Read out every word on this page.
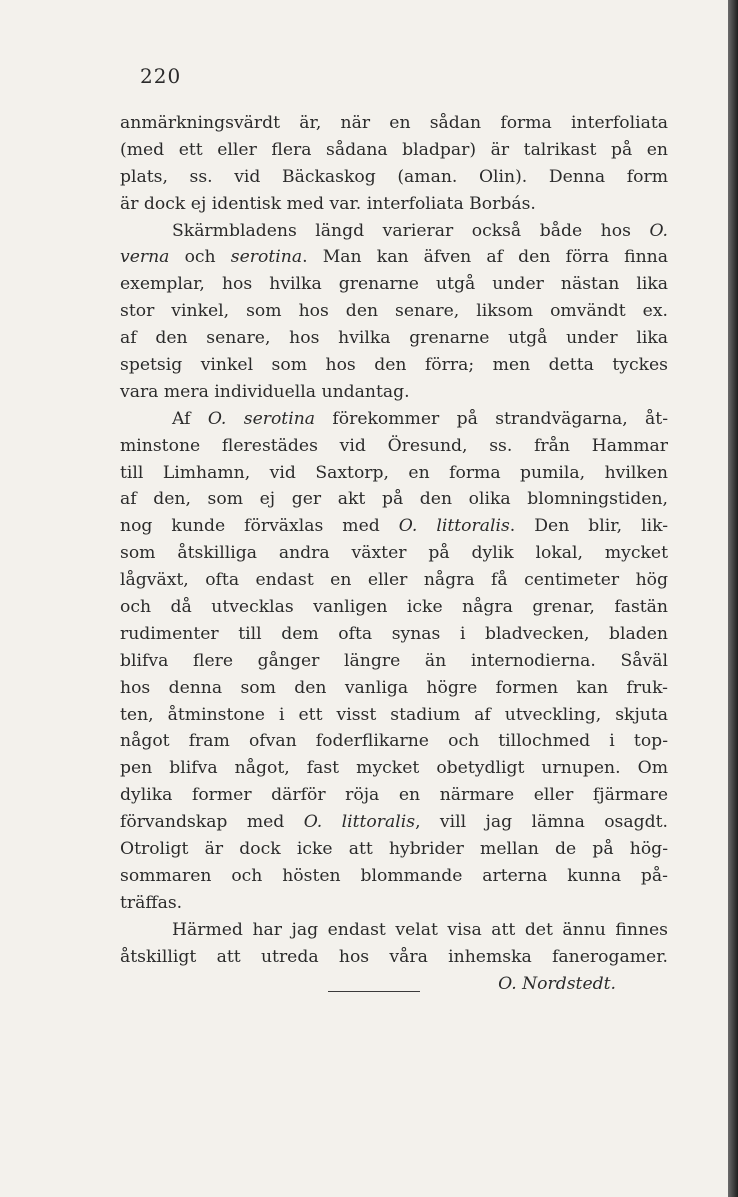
220
anmärkningsvärdt är, när en sådan forma interfoliata
(med ett eller flera sådana bladpar) är talrikast på en
plats, ss. vid Bäckaskog (aman. Olin). Denna form
är dock ej identisk med var. interfoliata Borbás.
Skärmbladens längd varierar också både hos O.
verna och serotina. Man kan äfven af den förra finna
exemplar, hos hvilka grenarne utgå under nästan lika
stor vinkel, som hos den senare, liksom omvändt ex.
af den senare, hos hvilka grenarne utgå under lika
spetsig vinkel som hos den förra; men detta tyckes
vara mera individuella undantag.
Af O. serotina förekommer på strandvägarna, åt-
minstone flerestädes vid Öresund, ss. från Hammar
till Limhamn, vid Saxtorp, en forma pumila, hvilken
af den, som ej ger akt på den olika blomningstiden,
nog kunde förväxlas med O. littoralis. Den blir, lik-
som åtskilliga andra växter på dylik lokal, mycket
lågväxt, ofta endast en eller några få centimeter hög
och då utvecklas vanligen icke några grenar, fastän
rudimenter till dem ofta synas i bladvecken, bladen
blifva flere gånger längre än internodierna. Såväl
hos denna som den vanliga högre formen kan fruk-
ten, åtminstone i ett visst stadium af utveckling, skjuta
något fram ofvan foderflikarne och tillochmed i top-
pen blifva något, fast mycket obetydligt urnupen. Om
dylika former därför röja en närmare eller fjärmare
förvandskap med O. littoralis, vill jag lämna osagdt.
Otroligt är dock icke att hybrider mellan de på hög-
sommaren och hösten blommande arterna kunna på-
träffas.
Härmed har jag endast velat visa att det ännu finnes
åtskilligt att utreda hos våra inhemska fanerogamer.
O. Nordstedt.
